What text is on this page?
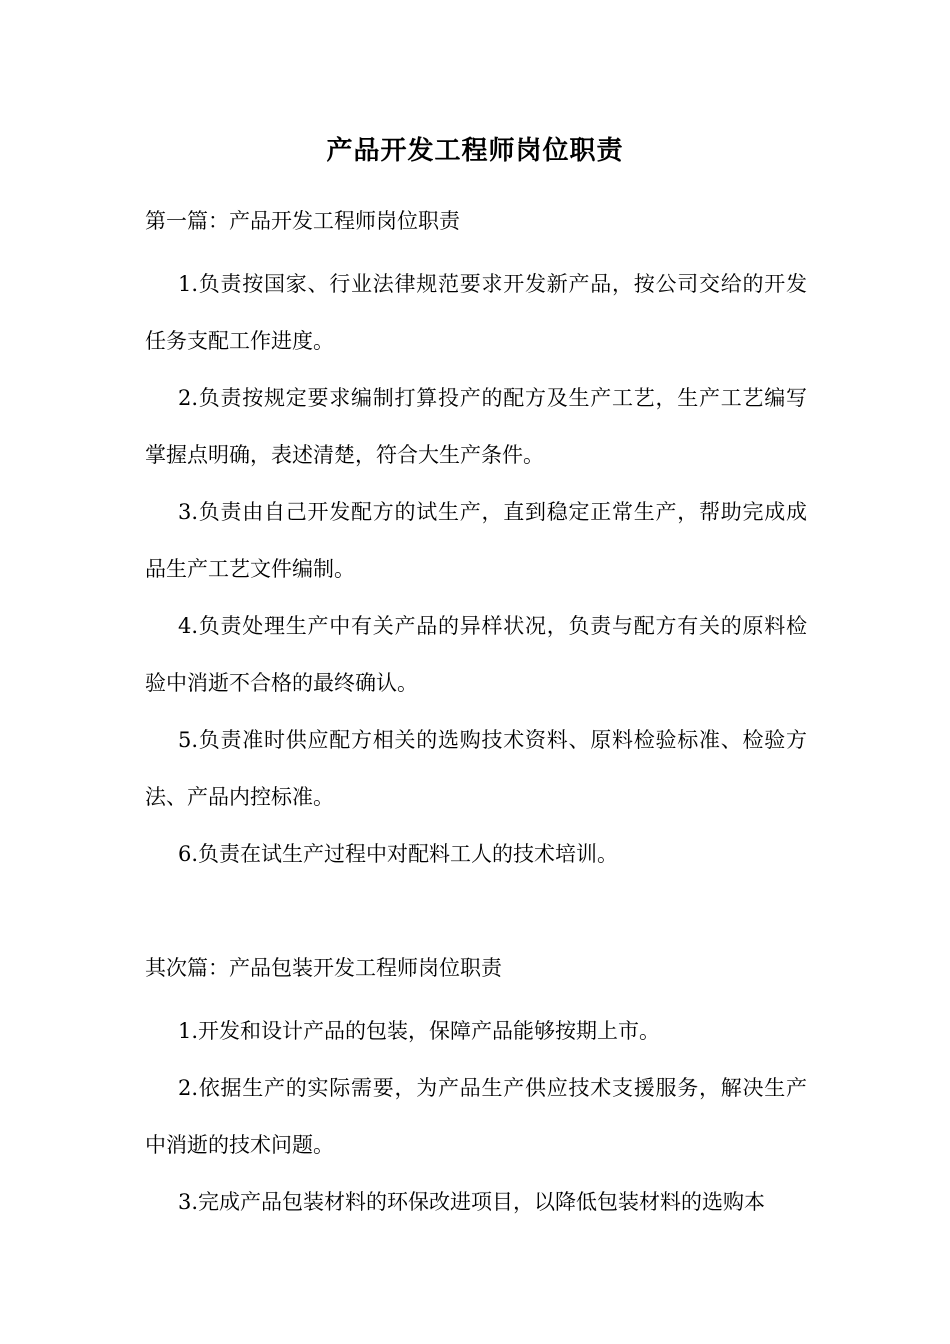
产品开发工程师岗位职责
第一篇：产品开发工程师岗位职责
1.负责按国家、行业法律规范要求开发新产品，按公司交给的开发任务支配工作进度。
2.负责按规定要求编制打算投产的配方及生产工艺，生产工艺编写掌握点明确，表述清楚，符合大生产条件。
3.负责由自己开发配方的试生产，直到稳定正常生产，帮助完成成品生产工艺文件编制。
4.负责处理生产中有关产品的异样状况，负责与配方有关的原料检验中消逝不合格的最终确认。
5.负责准时供应配方相关的选购技术资料、原料检验标准、检验方法、产品内控标准。
6.负责在试生产过程中对配料工人的技术培训。
其次篇：产品包装开发工程师岗位职责
1.开发和设计产品的包装，保障产品能够按期上市。
2.依据生产的实际需要，为产品生产供应技术支援服务，解决生产中消逝的技术问题。
3.完成产品包装材料的环保改进项目，以降低包装材料的选购本
